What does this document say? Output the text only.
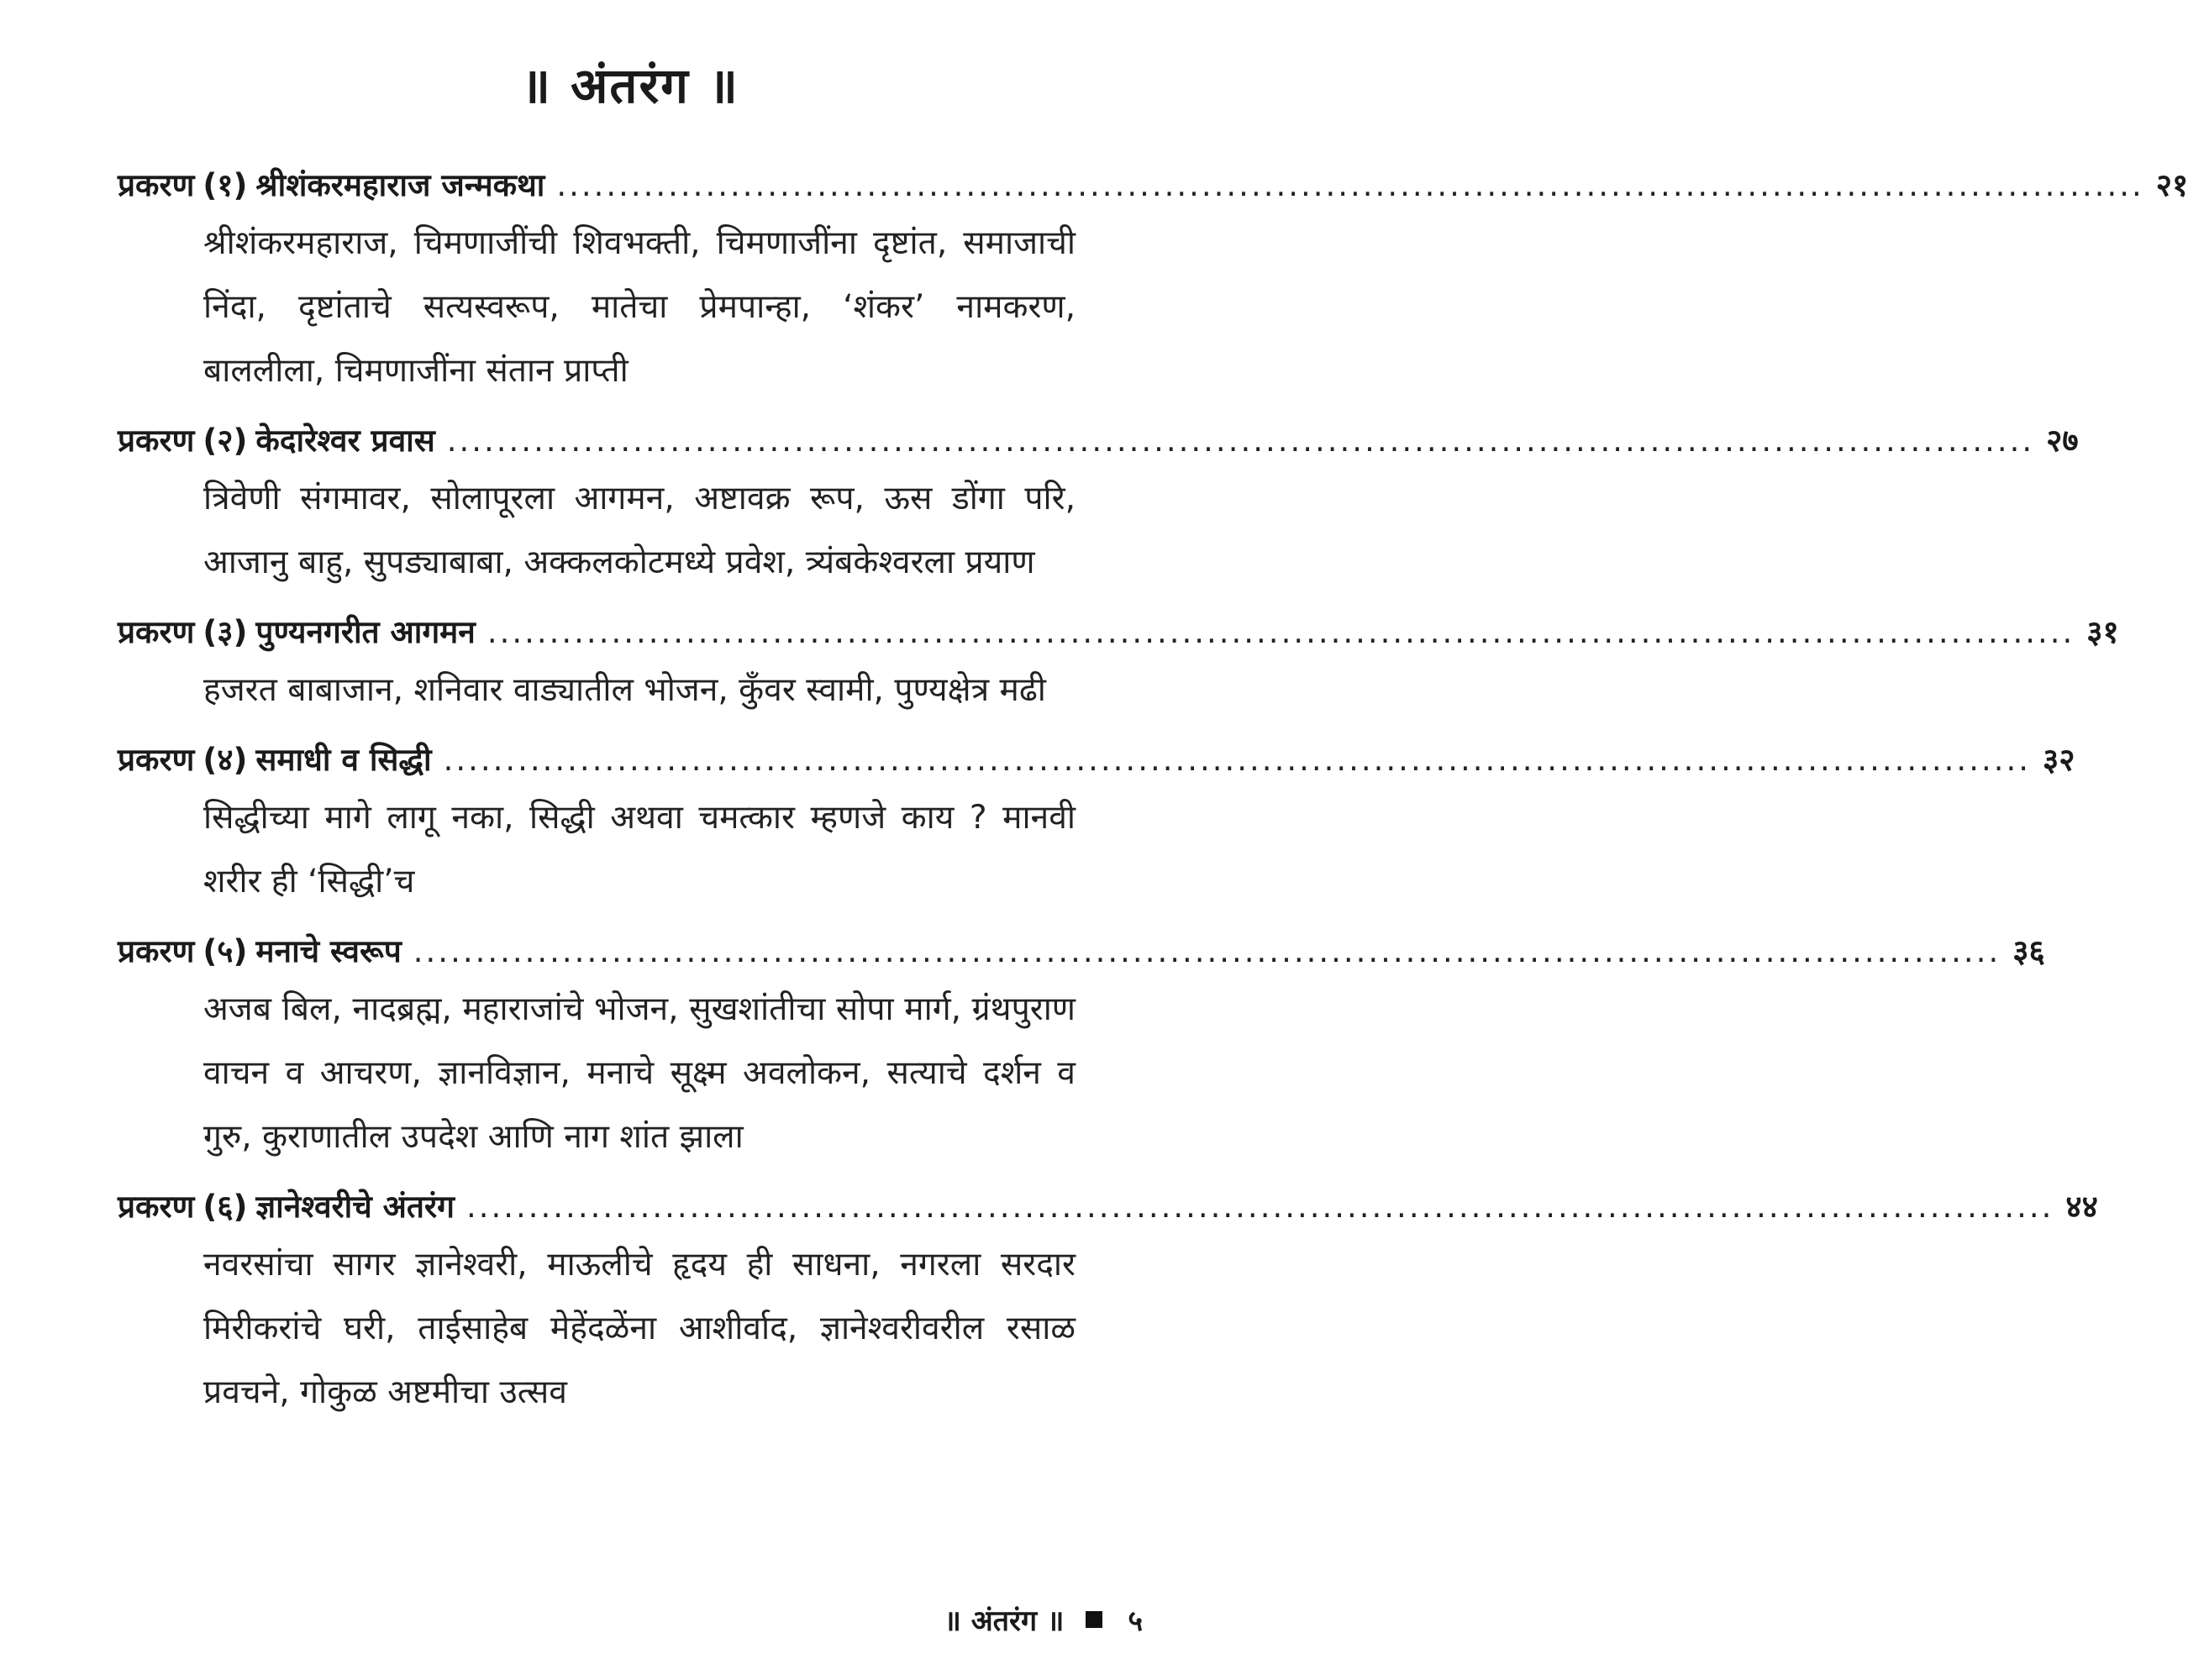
॥ अंतरंग ॥
प्रकरण (१) श्रीशंकरमहाराज जन्मकथा ................................................................................................................................ २१
श्रीशंकरमहाराज, चिमणाजींची शिवभक्ती, चिमणाजींना दृष्टांत, समाजाची निंदा, दृष्टांताचे सत्यस्वरूप, मातेचा प्रेमपान्हा, ‘शंकर’ नामकरण, बाललीला, चिमणाजींना संतान प्राप्ती
प्रकरण (२) केदारेश्वर प्रवास ................................................................................................................................ २७
त्रिवेणी संगमावर, सोलापूरला आगमन, अष्टावक्र रूप, ऊस डोंगा परि, आजानु बाहु, सुपड्याबाबा, अक्कलकोटमध्ये प्रवेश, त्र्यंबकेश्वरला प्रयाण
प्रकरण (३) पुण्यनगरीत आगमन ................................................................................................................................ ३१
हजरत बाबाजान, शनिवार वाड्यातील भोजन, कुँवर स्वामी, पुण्यक्षेत्र मढी
प्रकरण (४) समाधी व सिद्धी ................................................................................................................................ ३२
सिद्धीच्या मागे लागू नका, सिद्धी अथवा चमत्कार म्हणजे काय ? मानवी शरीर ही ‘सिद्धी’च
प्रकरण (५) मनाचे स्वरूप ................................................................................................................................ ३६
अजब बिल, नादब्रह्म, महाराजांचे भोजन, सुखशांतीचा सोपा मार्ग, ग्रंथपुराण वाचन व आचरण, ज्ञानविज्ञान, मनाचे सूक्ष्म अवलोकन, सत्याचे दर्शन व गुरु, कुराणातील उपदेश आणि नाग शांत झाला
प्रकरण (६) ज्ञानेश्वरीचे अंतरंग ................................................................................................................................ ४४
नवरसांचा सागर ज्ञानेश्वरी, माऊलीचे हृदय ही साधना, नगरला सरदार मिरीकरांचे घरी, ताईसाहेब मेहेंदळेंना आशीर्वाद, ज्ञानेश्वरीवरील रसाळ प्रवचने, गोकुळ अष्टमीचा उत्सव
॥ अंतरंग ॥ ५
